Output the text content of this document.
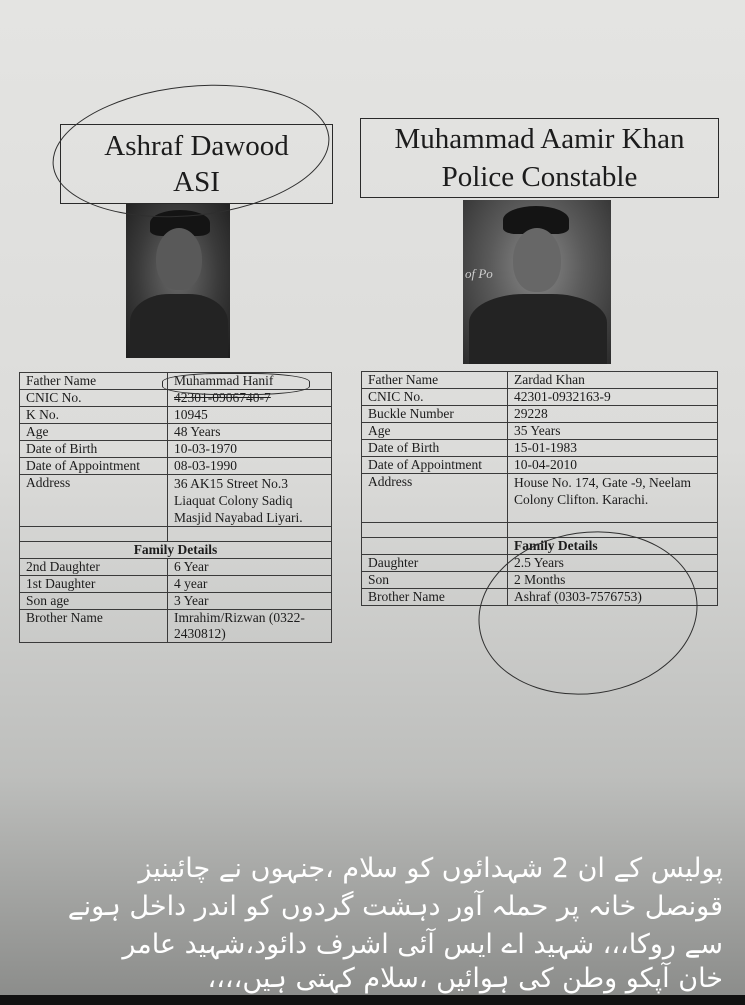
Ashraf Dawood
ASI
Father Name	Muhammad Hanif
CNIC No.	42301-0906740-7
K No.	10945
Age	48 Years
Date of Birth	10-03-1970
Date of Appointment	08-03-1990
Address	36 AK15 Street No.3 Liaquat Colony Sadiq Masjid Nayabad Liyari.

Family Details	
2nd Daughter	6 Year
1st Daughter	4 year
Son age	3 Year
Brother Name	Imrahim/Rizwan (0322-2430812)
Muhammad Aamir Khan
Police Constable
of Po
Father Name	Zardad Khan
CNIC No.	42301-0932163-9
Buckle Number	29228
Age	35 Years
Date of Birth	15-01-1983
Date of Appointment	10-04-2010
Address	House No. 174, Gate -9, Neelam Colony Clifton. Karachi.

	Family Details
Daughter	2.5 Years
Son	2 Months
Brother Name	Ashraf (0303-7576753)
پولیس کے ان 2 شہدائوں کو سلام ،جنہوں نے چائینیز
قونصل خانہ پر حملہ آور دہشت گردوں کو اندر داخل ہونے
سے روکا،،، شہید اے ایس آئی اشرف دائود،شہید عامر
خان آپکو وطن کی ہوائیں ،سلام کہتی ہیں،،،،
